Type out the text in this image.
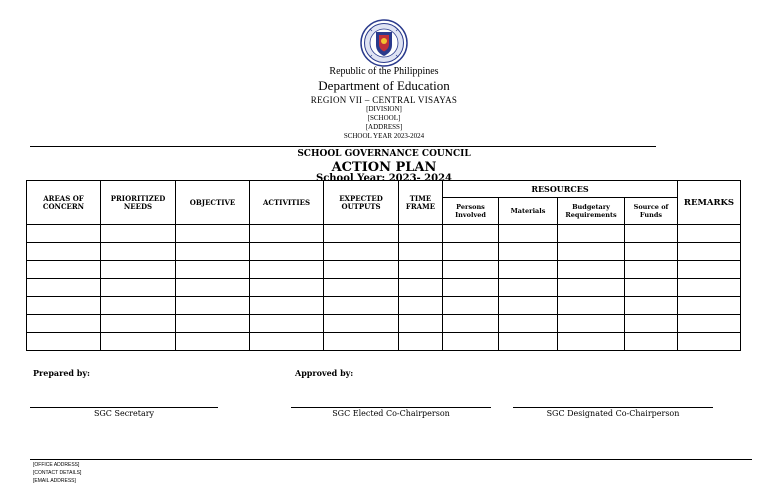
Republic of the Philippines
Department of Education
REGION VII – CENTRAL VISAYAS
[DIVISION]
[SCHOOL]
[ADDRESS]
SCHOOL YEAR 2023-2024
SCHOOL GOVERNANCE COUNCIL
ACTION PLAN
School Year: 2023- 2024
AREAS OF CONCERN	PRIORITIZED NEEDS	OBJECTIVE	ACTIVITIES	EXPECTED OUTPUTS	TIME FRAME	RESOURCES				REMARKS
						Persons Involved	Materials	Budgetary Requirements	Source of Funds	

Prepared by:	Approved by:
SGC Secretary	SGC Elected Co-Chairperson	SGC Designated Co-Chairperson
[OFFICE ADDRESS]
[CONTACT DETAILS]
[EMAIL ADDRESS]
